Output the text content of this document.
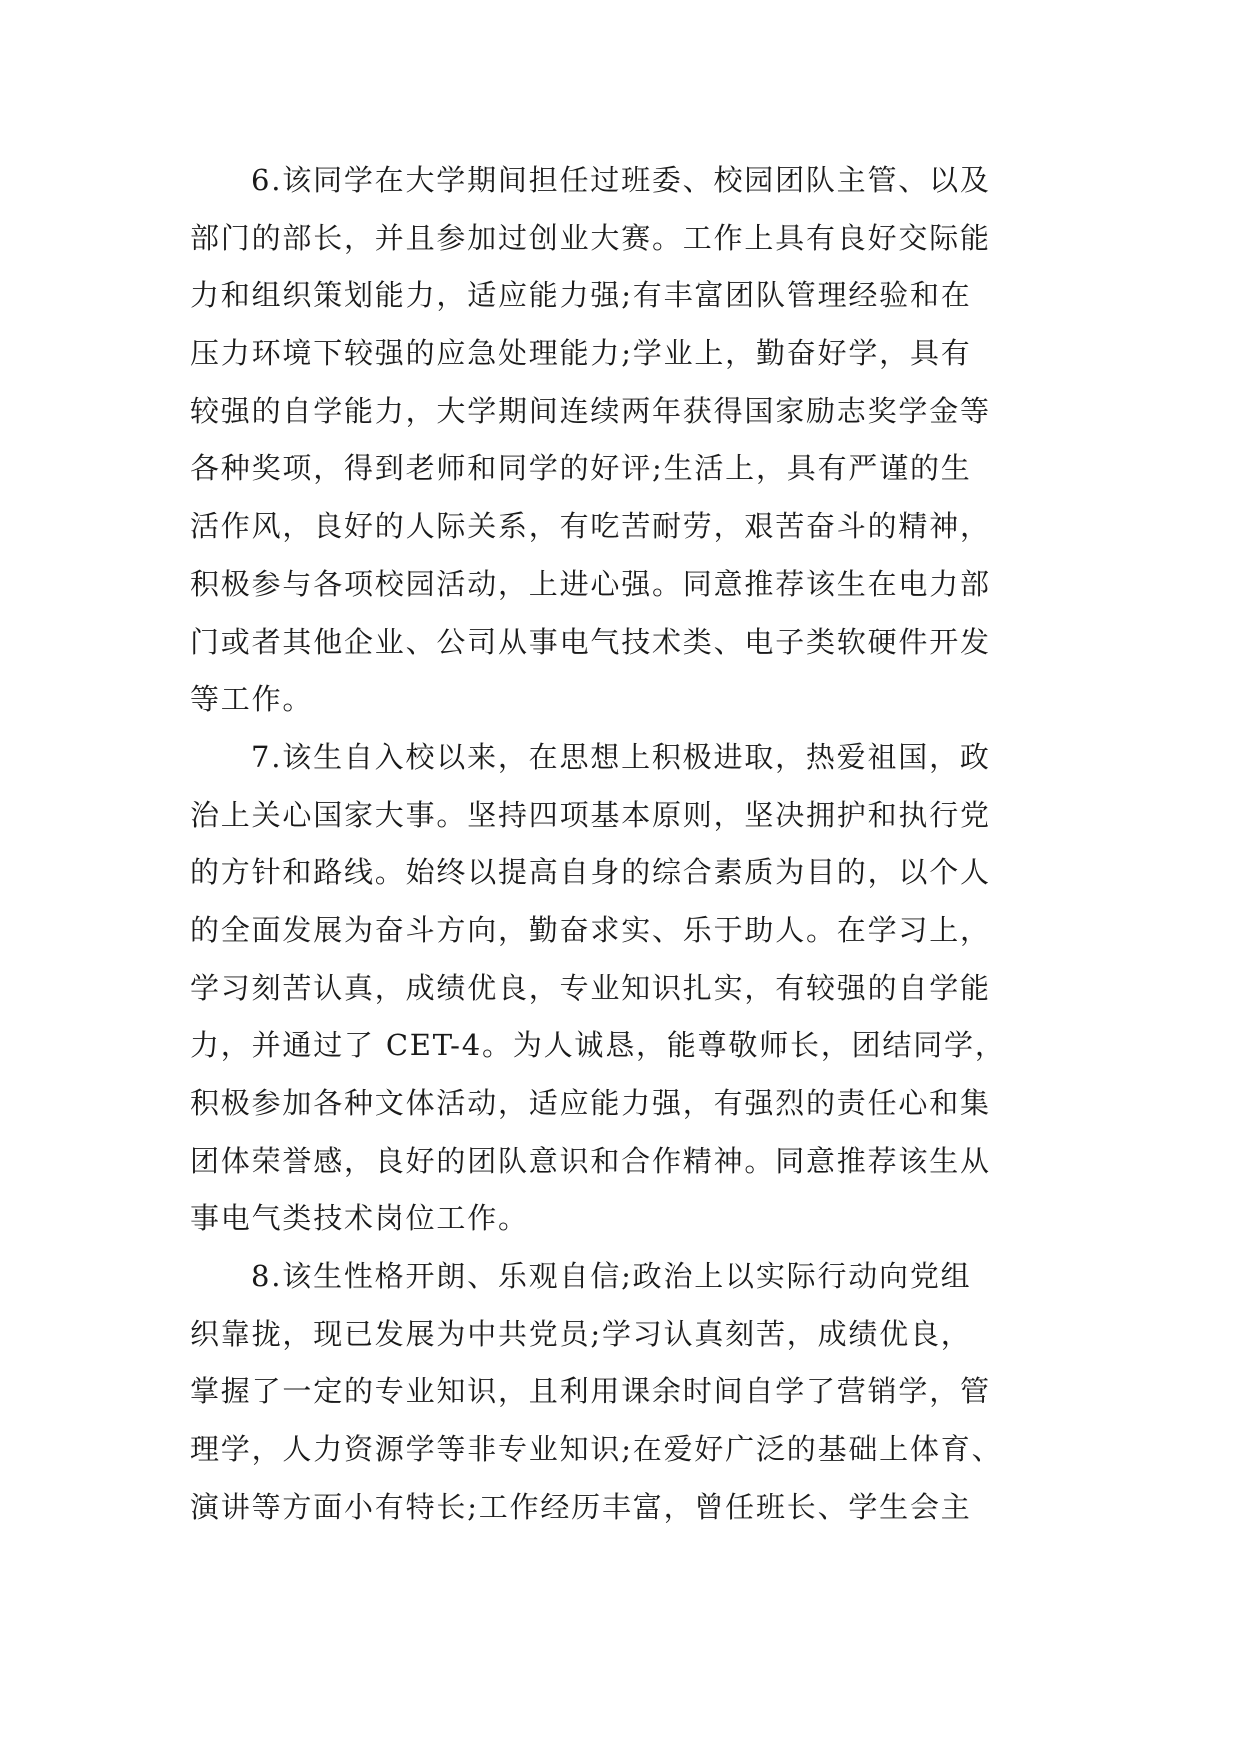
6.该同学在大学期间担任过班委、校园团队主管、以及
部门的部长，并且参加过创业大赛。工作上具有良好交际能
力和组织策划能力，适应能力强;有丰富团队管理经验和在
压力环境下较强的应急处理能力;学业上，勤奋好学，具有
较强的自学能力，大学期间连续两年获得国家励志奖学金等
各种奖项，得到老师和同学的好评;生活上，具有严谨的生
活作风，良好的人际关系，有吃苦耐劳，艰苦奋斗的精神，
积极参与各项校园活动，上进心强。同意推荐该生在电力部
门或者其他企业、公司从事电气技术类、电子类软硬件开发
等工作。

7.该生自入校以来，在思想上积极进取，热爱祖国，政
治上关心国家大事。坚持四项基本原则，坚决拥护和执行党
的方针和路线。始终以提高自身的综合素质为目的，以个人
的全面发展为奋斗方向，勤奋求实、乐于助人。在学习上，
学习刻苦认真，成绩优良，专业知识扎实，有较强的自学能
力，并通过了 CET-4。为人诚恳，能尊敬师长，团结同学，
积极参加各种文体活动，适应能力强，有强烈的责任心和集
团体荣誉感，良好的团队意识和合作精神。同意推荐该生从
事电气类技术岗位工作。

8.该生性格开朗、乐观自信;政治上以实际行动向党组
织靠拢，现已发展为中共党员;学习认真刻苦，成绩优良，
掌握了一定的专业知识，且利用课余时间自学了营销学，管
理学，人力资源学等非专业知识;在爱好广泛的基础上体育、
演讲等方面小有特长;工作经历丰富，曾任班长、学生会主
